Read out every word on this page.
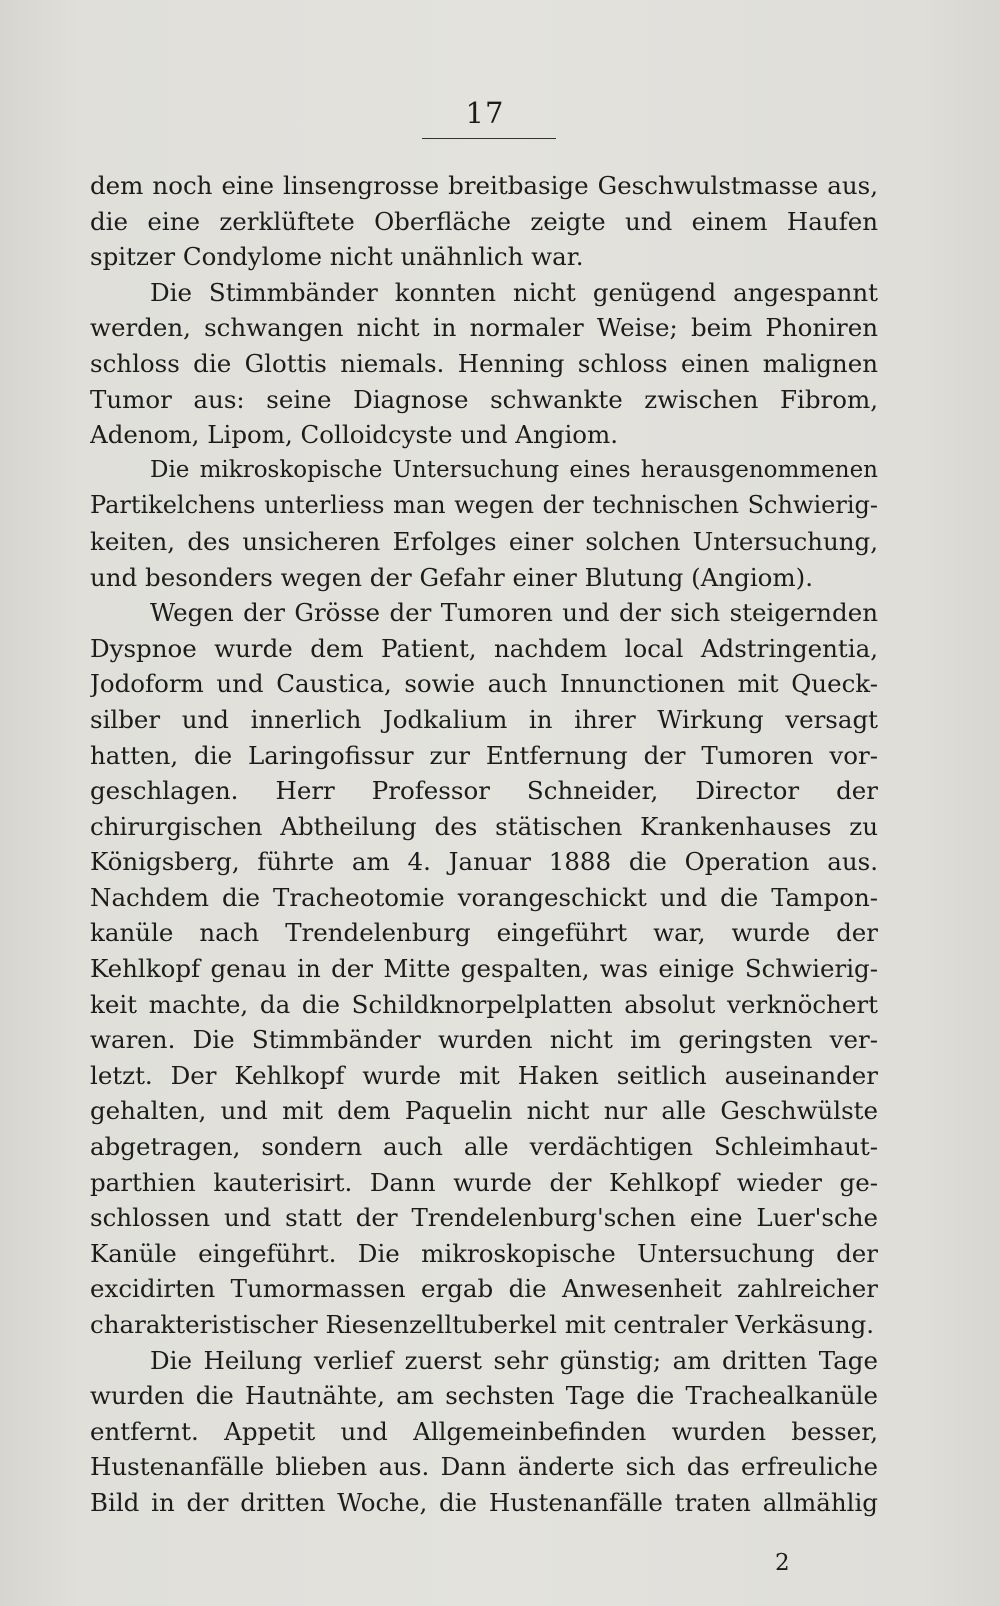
17
dem noch eine linsengrosse breitbasige Geschwulstmasse aus,
die eine zerklüftete Oberfläche zeigte und einem Haufen
spitzer Condylome nicht unähnlich war.
Die Stimmbänder konnten nicht genügend angespannt
werden, schwangen nicht in normaler Weise; beim Phoniren
schloss die Glottis niemals. Henning schloss einen malignen
Tumor aus: seine Diagnose schwankte zwischen Fibrom,
Adenom, Lipom, Colloidcyste und Angiom.
Die mikroskopische Untersuchung eines herausgenommenen
Partikelchens unterliess man wegen der technischen Schwierig-
keiten, des unsicheren Erfolges einer solchen Untersuchung,
und besonders wegen der Gefahr einer Blutung (Angiom).
Wegen der Grösse der Tumoren und der sich steigernden
Dyspnoe wurde dem Patient, nachdem local Adstringentia,
Jodoform und Caustica, sowie auch Innunctionen mit Queck-
silber und innerlich Jodkalium in ihrer Wirkung versagt
hatten, die Laringofissur zur Entfernung der Tumoren vor-
geschlagen. Herr Professor Schneider, Director der
chirurgischen Abtheilung des stätischen Krankenhauses zu
Königsberg, führte am 4. Januar 1888 die Operation aus.
Nachdem die Tracheotomie vorangeschickt und die Tampon-
kanüle nach Trendelenburg eingeführt war, wurde der
Kehlkopf genau in der Mitte gespalten, was einige Schwierig-
keit machte, da die Schildknorpelplatten absolut verknöchert
waren. Die Stimmbänder wurden nicht im geringsten ver-
letzt. Der Kehlkopf wurde mit Haken seitlich auseinander
gehalten, und mit dem Paquelin nicht nur alle Geschwülste
abgetragen, sondern auch alle verdächtigen Schleimhaut-
parthien kauterisirt. Dann wurde der Kehlkopf wieder ge-
schlossen und statt der Trendelenburg'schen eine Luer'sche
Kanüle eingeführt. Die mikroskopische Untersuchung der
excidirten Tumormassen ergab die Anwesenheit zahlreicher
charakteristischer Riesenzelltuberkel mit centraler Verkäsung.
Die Heilung verlief zuerst sehr günstig; am dritten Tage
wurden die Hautnähte, am sechsten Tage die Trachealkanüle
entfernt. Appetit und Allgemeinbefinden wurden besser,
Hustenanfälle blieben aus. Dann änderte sich das erfreuliche
Bild in der dritten Woche, die Hustenanfälle traten allmählig
2
